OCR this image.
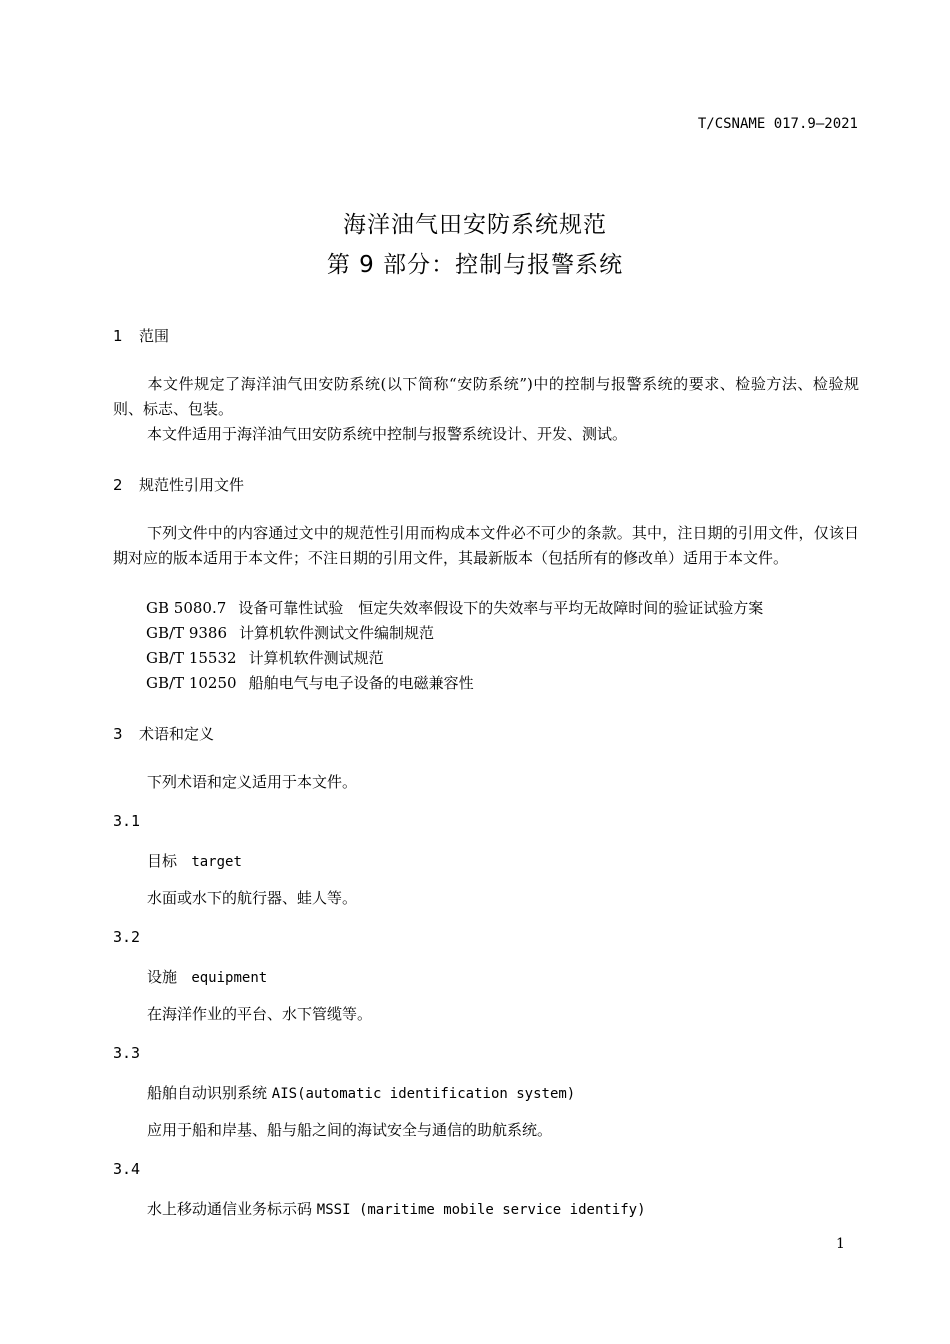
T/CSNAME 017.9—2021
海洋油气田安防系统规范
第 9 部分：控制与报警系统
1 范围
本文件规定了海洋油气田安防系统(以下简称“安防系统”)中的控制与报警系统的要求、检验方法、检验规则、标志、包装。
本文件适用于海洋油气田安防系统中控制与报警系统设计、开发、测试。
2 规范性引用文件
下列文件中的内容通过文中的规范性引用而构成本文件必不可少的条款。其中，注日期的引用文件，仅该日期对应的版本适用于本文件；不注日期的引用文件，其最新版本（包括所有的修改单）适用于本文件。
GB 5080.7 设备可靠性试验　恒定失效率假设下的失效率与平均无故障时间的验证试验方案
GB/T 9386 计算机软件测试文件编制规范
GB/T 15532 计算机软件测试规范
GB/T 10250 船舶电气与电子设备的电磁兼容性
3 术语和定义
下列术语和定义适用于本文件。
3.1
目标 target
水面或水下的航行器、蛙人等。
3.2
设施 equipment
在海洋作业的平台、水下管缆等。
3.3
船舶自动识别系统 AIS(automatic identification system)
应用于船和岸基、船与船之间的海试安全与通信的助航系统。
3.4
水上移动通信业务标示码 MSSI (maritime mobile service identify)
1
